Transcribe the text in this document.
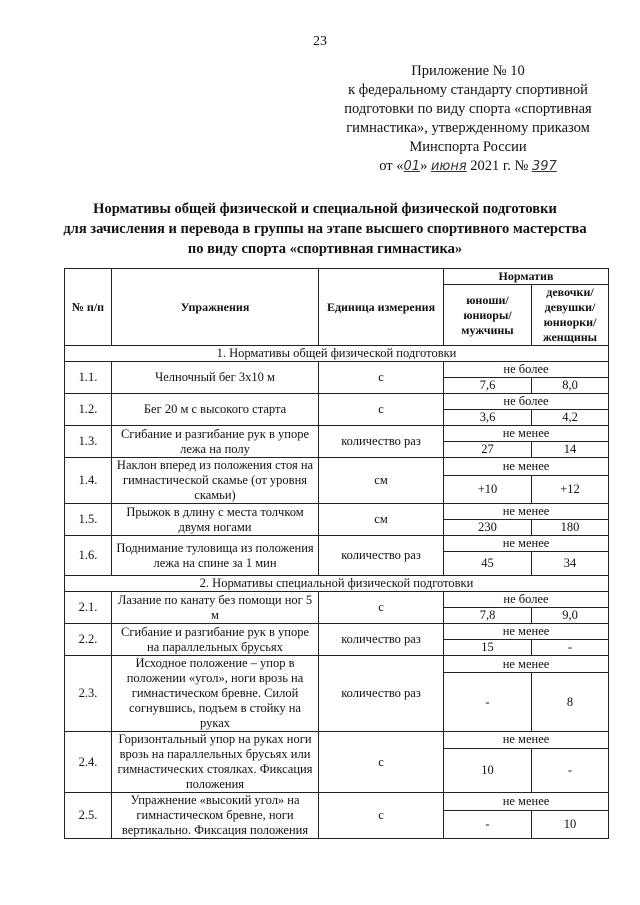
23
Приложение № 10
к федеральному стандарту спортивной
подготовки по виду спорта «спортивная
гимнастика», утвержденному приказом
Минспорта России
от «01» июня 2021 г. № 397
Нормативы общей физической и специальной физической подготовки
для зачисления и перевода в группы на этапе высшего спортивного мастерства
по виду спорта «спортивная гимнастика»
№ п/п	Упражнения	Единица измерения	Норматив	
			юноши/ юниоры/ мужчины	девочки/ девушки/ юниорки/ женщины
1. Нормативы общей физической подготовки				
1.1.	Челночный бег 3х10 м	с	не более	
			7,6	8,0
1.2.	Бег 20 м с высокого старта	с	не более	
			3,6	4,2
1.3.	Сгибание и разгибание рук в упоре лежа на полу	количество раз	не менее	
			27	14
1.4.	Наклон вперед из положения стоя на гимнастической скамье (от уровня скамьи)	см	не менее	
			+10	+12
1.5.	Прыжок в длину с места толчком двумя ногами	см	не менее	
			230	180
1.6.	Поднимание туловища из положения лежа на спине за 1 мин	количество раз	не менее	
			45	34
2. Нормативы специальной физической подготовки				
2.1.	Лазание по канату без помощи ног 5 м	с	не более	
			7,8	9,0
2.2.	Сгибание и разгибание рук в упоре на параллельных брусьях	количество раз	не менее	
			15	-
2.3.	Исходное положение – упор в положении «угол», ноги врозь на гимнастическом бревне. Силой согнувшись, подъем в стойку на руках	количество раз	не менее	
			-	8
2.4.	Горизонтальный упор на руках ноги врозь на параллельных брусьях или гимнастических стоялках. Фиксация положения	с	не менее	
			10	-
2.5.	Упражнение «высокий угол» на гимнастическом бревне, ноги вертикально. Фиксация положения	с	не менее	
			-	10
